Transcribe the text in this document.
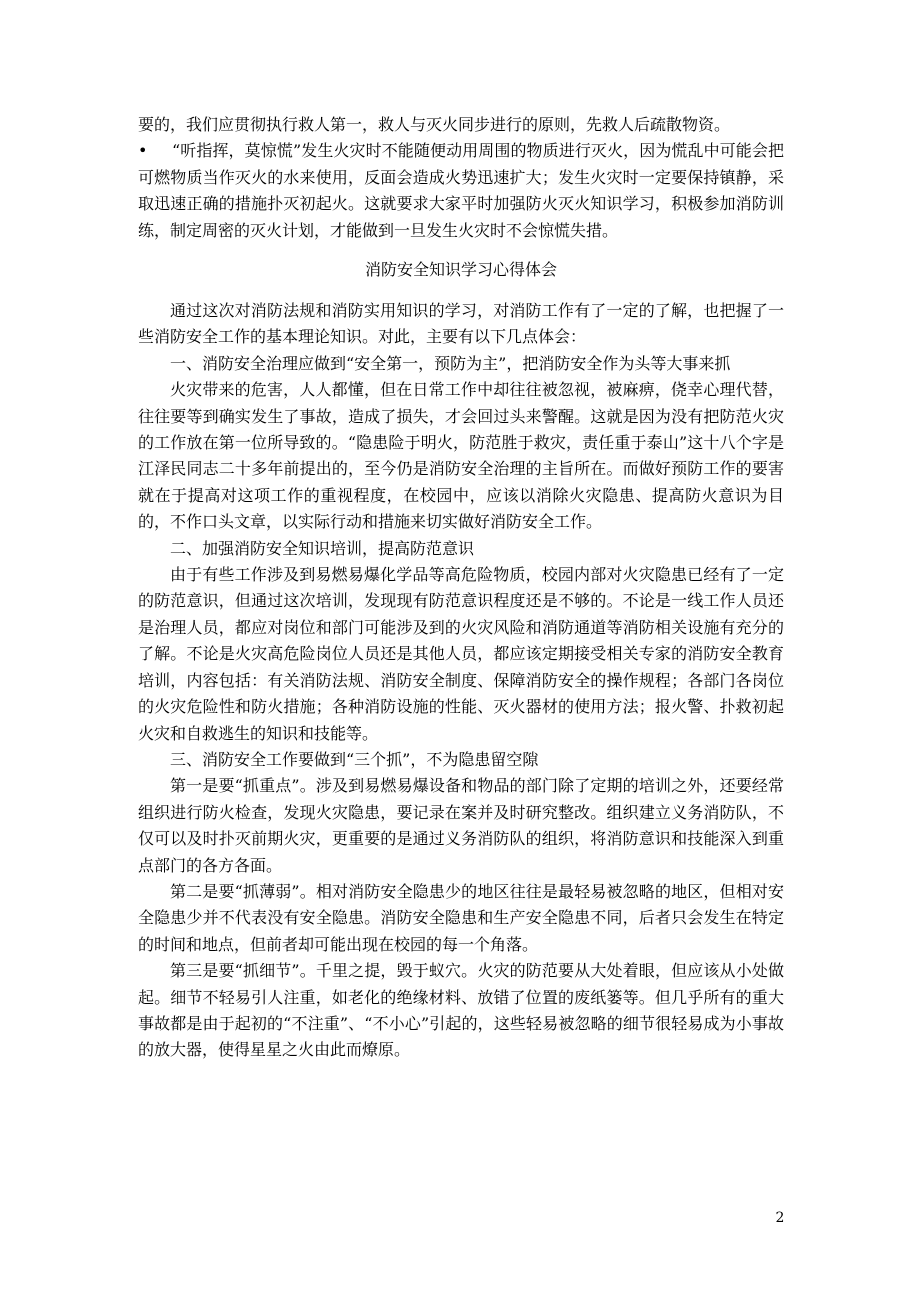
要的，我们应贯彻执行救人第一，救人与灭火同步进行的原则，先救人后疏散物资。

• “听指挥，莫惊慌”发生火灾时不能随便动用周围的物质进行灭火，因为慌乱中可能会把可燃物质当作灭火的水来使用，反面会造成火势迅速扩大；发生火灾时一定要保持镇静，采取迅速正确的措施扑灭初起火。这就要求大家平时加强防火灭火知识学习，积极参加消防训练，制定周密的灭火计划，才能做到一旦发生火灾时不会惊慌失措。

消防安全知识学习心得体会

通过这次对消防法规和消防实用知识的学习，对消防工作有了一定的了解，也把握了一些消防安全工作的基本理论知识。对此，主要有以下几点体会：

一、消防安全治理应做到“安全第一，预防为主”，把消防安全作为头等大事来抓

火灾带来的危害，人人都懂，但在日常工作中却往往被忽视，被麻痹，侥幸心理代替，往往要等到确实发生了事故，造成了损失，才会回过头来警醒。这就是因为没有把防范火灾的工作放在第一位所导致的。“隐患险于明火，防范胜于救灾，责任重于泰山”这十八个字是江泽民同志二十多年前提出的，至今仍是消防安全治理的主旨所在。而做好预防工作的要害就在于提高对这项工作的重视程度，在校园中，应该以消除火灾隐患、提高防火意识为目的，不作口头文章，以实际行动和措施来切实做好消防安全工作。

二、加强消防安全知识培训，提高防范意识

由于有些工作涉及到易燃易爆化学品等高危险物质，校园内部对火灾隐患已经有了一定的防范意识，但通过这次培训，发现现有防范意识程度还是不够的。不论是一线工作人员还是治理人员，都应对岗位和部门可能涉及到的火灾风险和消防通道等消防相关设施有充分的了解。不论是火灾高危险岗位人员还是其他人员，都应该定期接受相关专家的消防安全教育培训，内容包括：有关消防法规、消防安全制度、保障消防安全的操作规程；各部门各岗位的火灾危险性和防火措施；各种消防设施的性能、灭火器材的使用方法；报火警、扑救初起火灾和自救逃生的知识和技能等。

三、消防安全工作要做到“三个抓”，不为隐患留空隙

第一是要“抓重点”。涉及到易燃易爆设备和物品的部门除了定期的培训之外，还要经常组织进行防火检查，发现火灾隐患，要记录在案并及时研究整改。组织建立义务消防队，不仅可以及时扑灭前期火灾，更重要的是通过义务消防队的组织，将消防意识和技能深入到重点部门的各方各面。

第二是要“抓薄弱”。相对消防安全隐患少的地区往往是最轻易被忽略的地区，但相对安全隐患少并不代表没有安全隐患。消防安全隐患和生产安全隐患不同，后者只会发生在特定的时间和地点，但前者却可能出现在校园的每一个角落。

第三是要“抓细节”。千里之提，毁于蚁穴。火灾的防范要从大处着眼，但应该从小处做起。细节不轻易引人注重，如老化的绝缘材料、放错了位置的废纸篓等。但几乎所有的重大事故都是由于起初的“不注重”、“不小心”引起的，这些轻易被忽略的细节很轻易成为小事故的放大器，使得星星之火由此而燎原。

2
